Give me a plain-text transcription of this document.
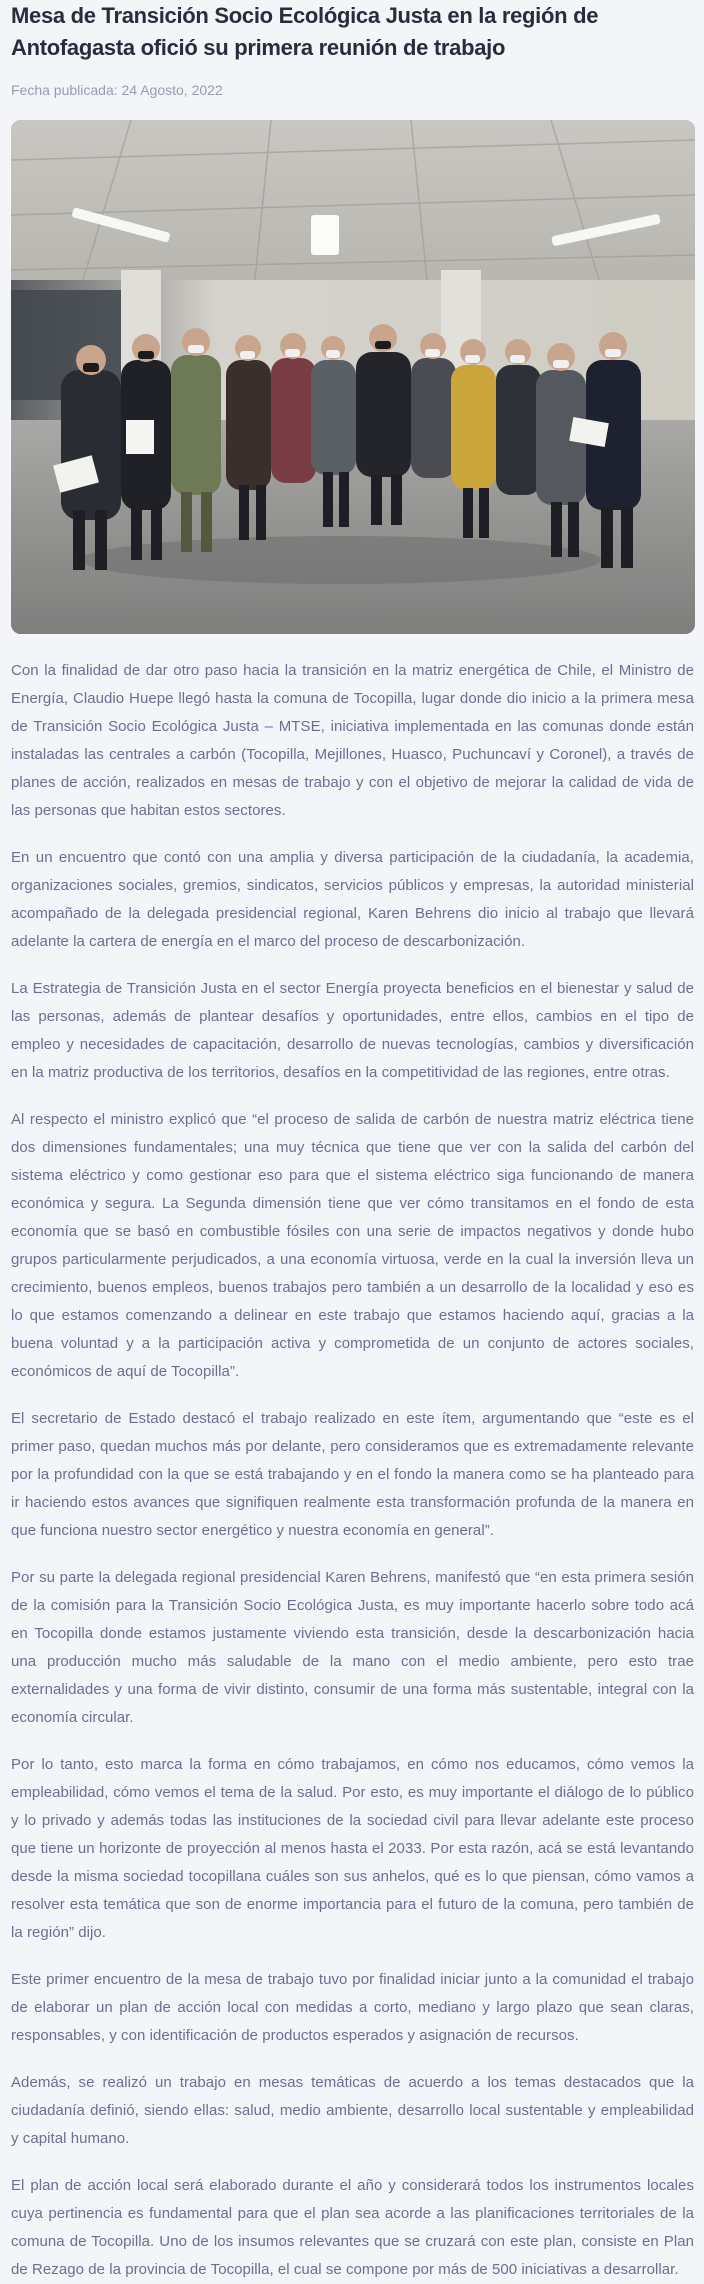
Mesa de Transición Socio Ecológica Justa en la región de Antofagasta ofició su primera reunión de trabajo
Fecha publicada: 24 Agosto, 2022

Con la finalidad de dar otro paso hacia la transición en la matriz energética de Chile, el Ministro de Energía, Claudio Huepe llegó hasta la comuna de Tocopilla, lugar donde dio inicio a la primera mesa de Transición Socio Ecológica Justa – MTSE, iniciativa implementada en las comunas donde están instaladas las centrales a carbón (Tocopilla, Mejillones, Huasco, Puchuncaví y Coronel), a través de planes de acción, realizados en mesas de trabajo y con el objetivo de mejorar la calidad de vida de las personas que habitan estos sectores.

En un encuentro que contó con una amplia y diversa participación de la ciudadanía, la academia, organizaciones sociales, gremios, sindicatos, servicios públicos y empresas, la autoridad ministerial acompañado de la delegada presidencial regional, Karen Behrens dio inicio al trabajo que llevará adelante la cartera de energía en el marco del proceso de descarbonización.

La Estrategia de Transición Justa en el sector Energía proyecta beneficios en el bienestar y salud de las personas, además de plantear desafíos y oportunidades, entre ellos, cambios en el tipo de empleo y necesidades de capacitación, desarrollo de nuevas tecnologías, cambios y diversificación en la matriz productiva de los territorios, desafíos en la competitividad de las regiones, entre otras.

Al respecto el ministro explicó que “el proceso de salida de carbón de nuestra matriz eléctrica tiene dos dimensiones fundamentales; una muy técnica que tiene que ver con la salida del carbón del sistema eléctrico y como gestionar eso para que el sistema eléctrico siga funcionando de manera económica y segura. La Segunda dimensión tiene que ver cómo transitamos en el fondo de esta economía que se basó en combustible fósiles con una serie de impactos negativos y donde hubo grupos particularmente perjudicados, a una economía virtuosa, verde en la cual la inversión lleva un crecimiento, buenos empleos, buenos trabajos pero también a un desarrollo de la localidad y eso es lo que estamos comenzando a delinear en este trabajo que estamos haciendo aquí, gracias a la buena voluntad y a la participación activa y comprometida de un conjunto de actores sociales, económicos de aquí de Tocopilla”.

El secretario de Estado destacó el trabajo realizado en este ítem, argumentando que “este es el primer paso, quedan muchos más por delante, pero consideramos que es extremadamente relevante por la profundidad con la que se está trabajando y en el fondo la manera como se ha planteado para ir haciendo estos avances que signifiquen realmente esta transformación profunda de la manera en que funciona nuestro sector energético y nuestra economía en general”.

Por su parte la delegada regional presidencial Karen Behrens, manifestó que “en esta primera sesión de la comisión para la Transición Socio Ecológica Justa, es muy importante hacerlo sobre todo acá en Tocopilla donde estamos justamente viviendo esta transición, desde la descarbonización hacia una producción mucho más saludable de la mano con el medio ambiente, pero esto trae externalidades y una forma de vivir distinto, consumir de una forma más sustentable, integral con la economía circular.

Por lo tanto, esto marca la forma en cómo trabajamos, en cómo nos educamos, cómo vemos la empleabilidad, cómo vemos el tema de la salud. Por esto, es muy importante el diálogo de lo público y lo privado y además todas las instituciones de la sociedad civil para llevar adelante este proceso que tiene un horizonte de proyección al menos hasta el 2033. Por esta razón, acá se está levantando desde la misma sociedad tocopillana cuáles son sus anhelos, qué es lo que piensan, cómo vamos a resolver esta temática que son de enorme importancia para el futuro de la comuna, pero también de la región” dijo.

Este primer encuentro de la mesa de trabajo tuvo por finalidad iniciar junto a la comunidad el trabajo de elaborar un plan de acción local con medidas a corto, mediano y largo plazo que sean claras, responsables, y con identificación de productos esperados y asignación de recursos.

Además, se realizó un trabajo en mesas temáticas de acuerdo a los temas destacados que la ciudadanía definió, siendo ellas: salud, medio ambiente, desarrollo local sustentable y empleabilidad y capital humano.

El plan de acción local será elaborado durante el año y considerará todos los instrumentos locales cuya pertinencia es fundamental para que el plan sea acorde a las planificaciones territoriales de la comuna de Tocopilla. Uno de los insumos relevantes que se cruzará con este plan, consiste en Plan de Rezago de la provincia de Tocopilla, el cual se compone por más de 500 iniciativas a desarrollar.
